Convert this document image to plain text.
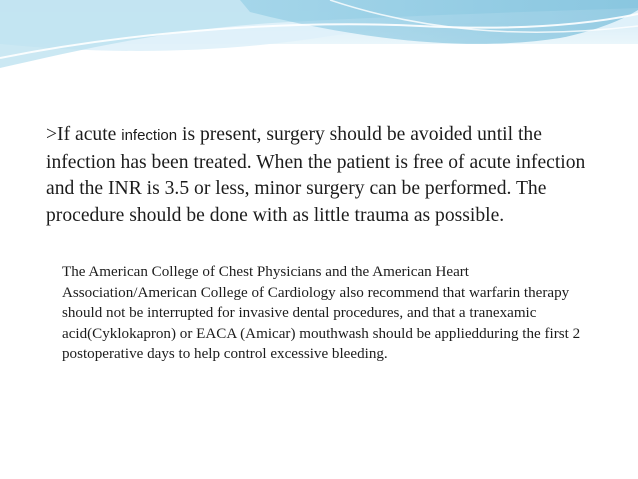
>If acute infection is present, surgery should be avoided until the infection has been treated. When the patient is free of acute infection and the INR is 3.5 or less, minor surgery can be performed. The procedure should be done with as little trauma as possible.

The American College of Chest Physicians and the American Heart Association/American College of Cardiology also recommend that warfarin therapy should not be interrupted for invasive dental procedures, and that a tranexamic acid(Cyklokapron) or EACA (Amicar) mouthwash should be appliedduring the first 2 postoperative days to help control excessive bleeding.
